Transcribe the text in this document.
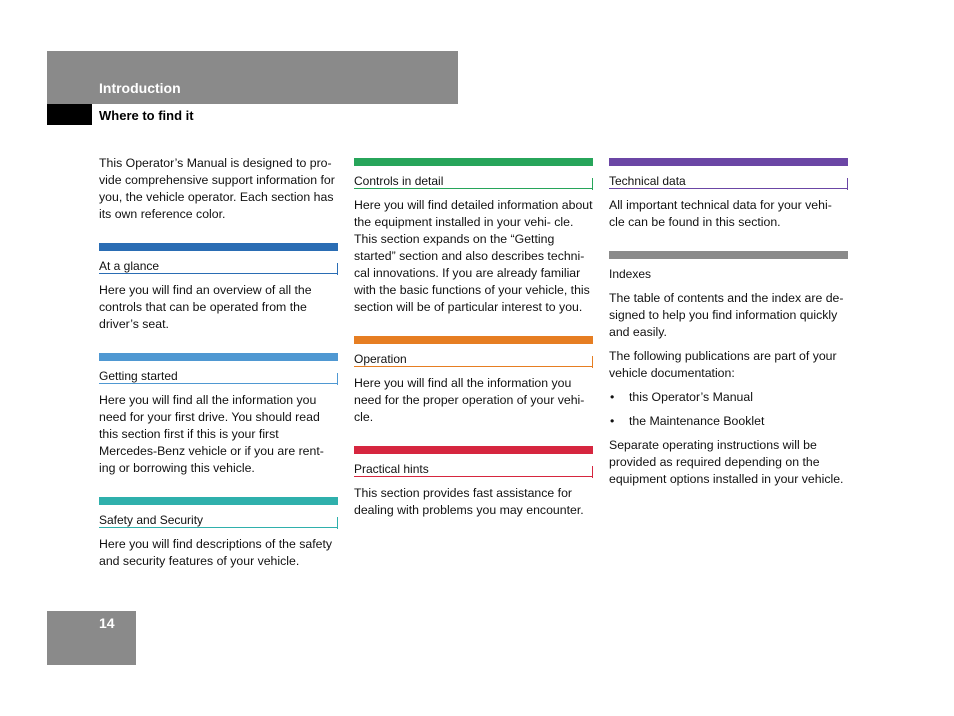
Introduction
Where to find it

This Operator’s Manual is designed to pro- vide comprehensive support information for you, the vehicle operator. Each section has its own reference color.

At a glance

Here you will find an overview of all the controls that can be operated from the driver’s seat.

Getting started

Here you will find all the information you need for your first drive. You should read this section first if this is your first Mercedes-Benz vehicle or if you are rent- ing or borrowing this vehicle.

Safety and Security

Here you will find descriptions of the safety and security features of your vehicle.

Controls in detail

Here you will find detailed information about the equipment installed in your vehi- cle. This section expands on the “Getting started” section and also describes techni- cal innovations. If you are already familiar with the basic functions of your vehicle, this section will be of particular interest to you.

Operation

Here you will find all the information you need for the proper operation of your vehi- cle.

Practical hints

This section provides fast assistance for dealing with problems you may encounter.

Technical data

All important technical data for your vehi- cle can be found in this section.

Indexes

The table of contents and the index are de- signed to help you find information quickly and easily.

The following publications are part of your vehicle documentation:

• this Operator’s Manual
• the Maintenance Booklet

Separate operating instructions will be provided as required depending on the equipment options installed in your vehicle.

14
